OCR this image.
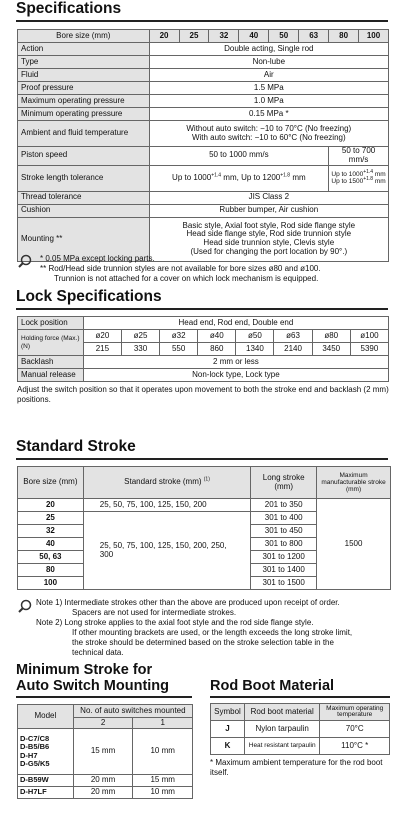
Specifications
Bore size (mm)	20	25	32	40	50	63	80	100
Action	Double acting, Single rod							
Type	Non-lube							
Fluid	Air							
Proof pressure	1.5 MPa							
Maximum operating pressure	1.0 MPa							
Minimum operating pressure	0.15 MPa *							
Ambient and fluid temperature	Without auto switch: −10 to 70°C (No freezing)
With auto switch: −10 to 60°C (No freezing)							

Piston speed	50 to 1000 mm/s						50 to 700 mm/s	
Stroke length tolerance	Up to $1000^{+1.4}$ mm, Up to $1200^{+1.8}$ mm						Up to $1000^{+1.4}$ mm
Up to $1500^{+1.8}$ mm	

Thread tolerance	JIS Class 2							
Cushion	Rubber bumper, Air cushion							
Mounting **	Basic style, Axial foot style, Rod side flange style
Head side flange style, Rod side trunnion style
Head side trunnion style, Clevis style
(Used for changing the port location by 90°.)							
* 0.05 MPa except locking parts.
** Rod/Head side trunnion styles are not available for bore sizes ø80 and ø100.
Trunnion is not attached for a cover on which lock mechanism is equipped.
Lock Specifications
Lock position	Head end, Rod end, Double end							
Holding force (Max.) (N)	ø20	ø25	ø32	ø40	ø50	ø63	ø80	ø100
	215	330	550	860	1340	2140	3450	5390
Backlash	2 mm or less							
Manual release	Non-lock type, Lock type							
Adjust the switch position so that it operates upon movement to both the stroke end and backlash (2 mm) positions.
Standard Stroke
Bore size (mm)	Standard stroke (mm) $^{(1)}$	Long stroke (mm)	Maximum manufacturable stroke (mm)
20	25, 50, 75, 100, 125, 150, 200	201 to 350	1500
25	25, 50, 75, 100, 125, 150, 200, 250, 300	301 to 400	
32		301 to 450	
40		301 to 800	
50, 63		301 to 1200	
80		301 to 1400	
100		301 to 1500	
Note 1) Intermediate strokes other than the above are produced upon receipt of order.
Spacers are not used for intermediate strokes.
Note 2) Long stroke applies to the axial foot style and the rod side flange style.
If other mounting brackets are used, or the length exceeds the long stroke limit,
the stroke should be determined based on the stroke selection table in the
technical data.
Minimum Stroke for
Auto Switch Mounting
Model	No. of auto switches mounted	
	2	1

D-C7/C8
D-B5/B6
D-H7
D-G5/K5	15 mm	10 mm
D-B59W	20 mm	15 mm
D-H7LF	20 mm	10 mm
Rod Boot Material
Symbol	Rod boot material	Maximum operating temperature
J	Nylon tarpaulin	70°C
K	Heat resistant tarpaulin	110°C *
* Maximum ambient temperature for the rod boot itself.
